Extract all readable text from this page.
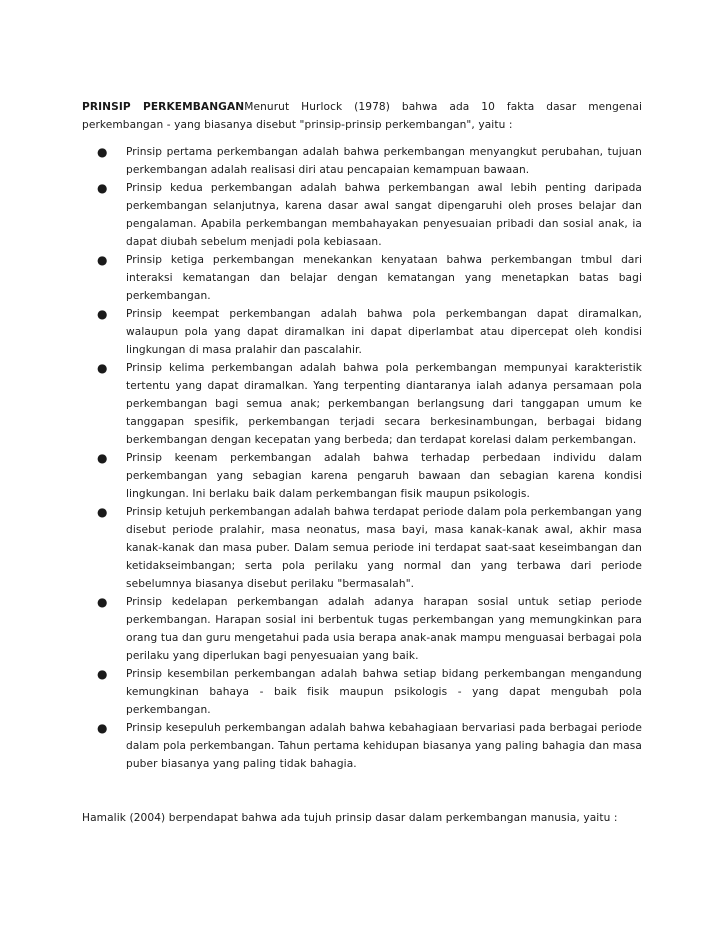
PRINSIP PERKEMBANGANMenurut Hurlock (1978) bahwa ada 10 fakta dasar mengenai perkembangan - yang biasanya disebut "prinsip-prinsip perkembangan", yaitu :

● Prinsip pertama perkembangan adalah bahwa perkembangan menyangkut perubahan, tujuan perkembangan adalah realisasi diri atau pencapaian kemampuan bawaan.
● Prinsip kedua perkembangan adalah bahwa perkembangan awal lebih penting daripada perkembangan selanjutnya, karena dasar awal sangat dipengaruhi oleh proses belajar dan pengalaman. Apabila perkembangan membahayakan penyesuaian pribadi dan sosial anak, ia dapat diubah sebelum menjadi pola kebiasaan.
● Prinsip ketiga perkembangan menekankan kenyataan bahwa perkembangan tmbul dari interaksi kematangan dan belajar dengan kematangan yang menetapkan batas bagi perkembangan.
● Prinsip keempat perkembangan adalah bahwa pola perkembangan dapat diramalkan, walaupun pola yang dapat diramalkan ini dapat diperlambat atau dipercepat oleh kondisi lingkungan di masa pralahir dan pascalahir.
● Prinsip kelima perkembangan adalah bahwa pola perkembangan mempunyai karakteristik tertentu yang dapat diramalkan. Yang terpenting diantaranya ialah adanya persamaan pola perkembangan bagi semua anak; perkembangan berlangsung dari tanggapan umum ke tanggapan spesifik, perkembangan terjadi secara berkesinambungan, berbagai bidang berkembangan dengan kecepatan yang berbeda; dan terdapat korelasi dalam perkembangan.
● Prinsip keenam perkembangan adalah bahwa terhadap perbedaan individu dalam perkembangan yang sebagian karena pengaruh bawaan dan sebagian karena kondisi lingkungan. Ini berlaku baik dalam perkembangan fisik maupun psikologis.
● Prinsip ketujuh perkembangan adalah bahwa terdapat periode dalam pola perkembangan yang disebut periode pralahir, masa neonatus, masa bayi, masa kanak-kanak awal, akhir masa kanak-kanak dan masa puber. Dalam semua periode ini terdapat saat-saat keseimbangan dan ketidakseimbangan; serta pola perilaku yang normal dan yang terbawa dari periode sebelumnya biasanya disebut perilaku "bermasalah".
● Prinsip kedelapan perkembangan adalah adanya harapan sosial untuk setiap periode perkembangan. Harapan sosial ini berbentuk tugas perkembangan yang memungkinkan para orang tua dan guru mengetahui pada usia berapa anak-anak mampu menguasai berbagai pola perilaku yang diperlukan bagi penyesuaian yang baik.
● Prinsip kesembilan perkembangan adalah bahwa setiap bidang perkembangan mengandung kemungkinan bahaya - baik fisik maupun psikologis - yang dapat mengubah pola perkembangan.
● Prinsip kesepuluh perkembangan adalah bahwa kebahagiaan bervariasi pada berbagai periode dalam pola perkembangan. Tahun pertama kehidupan biasanya yang paling bahagia dan masa puber biasanya yang paling tidak bahagia.

Hamalik (2004) berpendapat bahwa ada tujuh prinsip dasar dalam perkembangan manusia, yaitu :
